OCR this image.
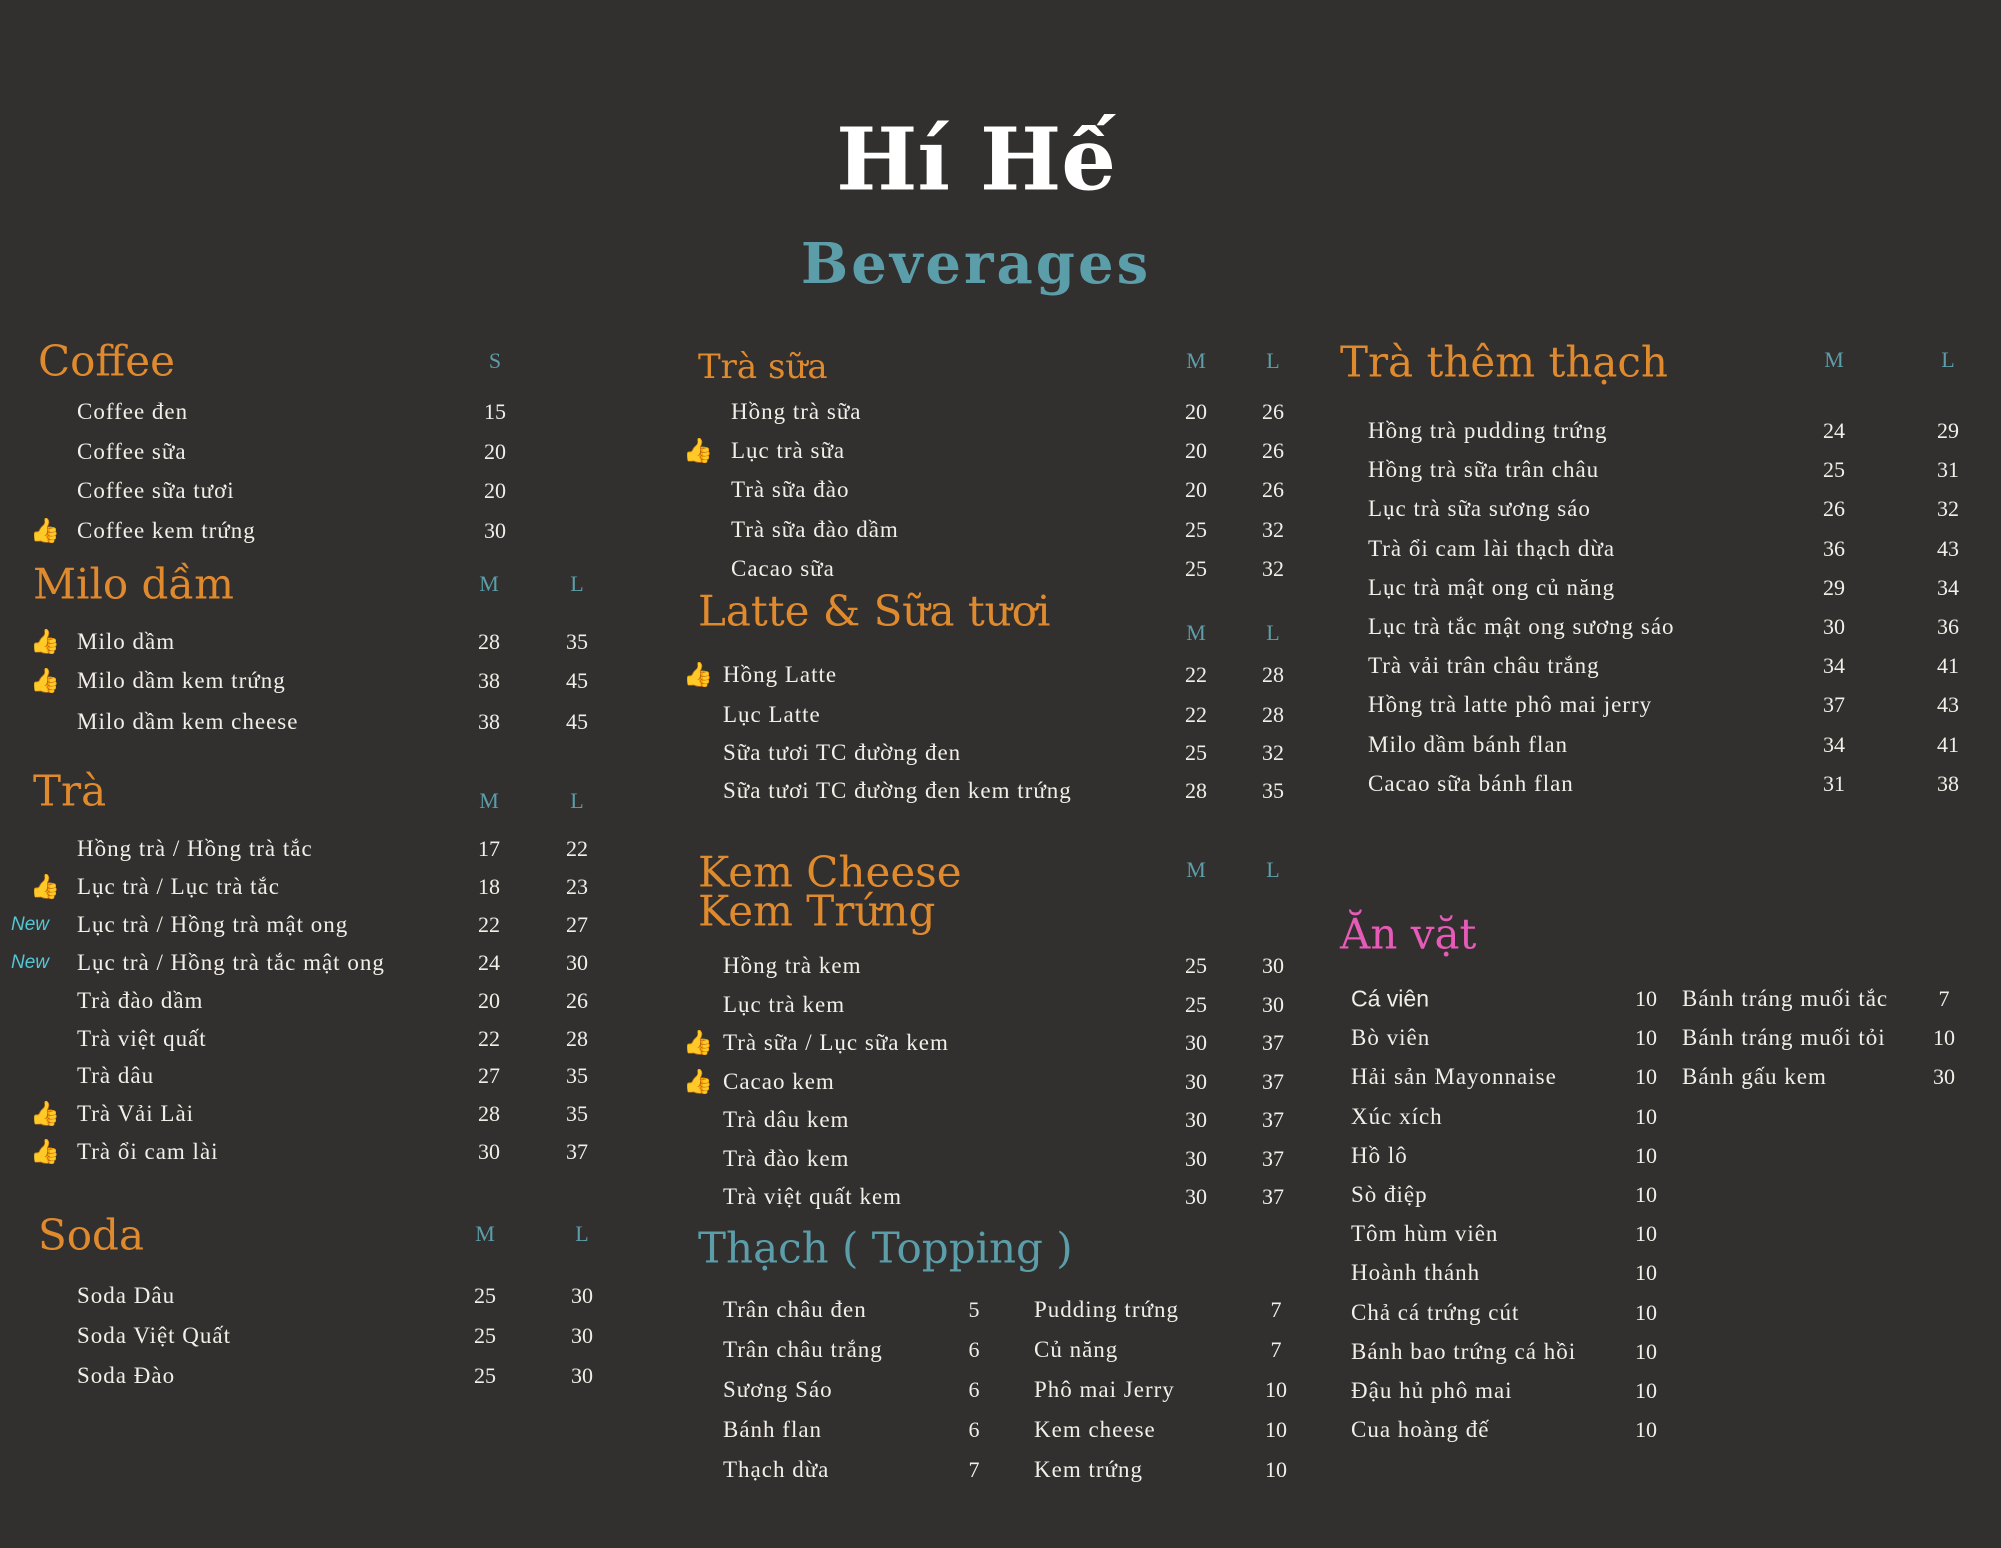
Hí Hế
Beverages
Coffee	S
Coffee đen	15
Coffee sữa	20
Coffee sữa tươi	20
👍 Coffee kem trứng	30
Milo dầm	M	L
👍 Milo dầm	28	35
👍 Milo dầm kem trứng	38	45
Milo dầm kem cheese	38	45
Trà	M	L
Hồng trà / Hồng trà tắc	17	22
👍 Lục trà / Lục trà tắc	18	23
New Lục trà / Hồng trà mật ong	22	27
New Lục trà / Hồng trà tắc mật ong	24	30
Trà đào dầm	20	26
Trà việt quất	22	28
Trà dâu	27	35
👍 Trà Vải Lài	28	35
👍 Trà ổi cam lài	30	37
Soda	M	L
Soda Dâu	25	30
Soda Việt Quất	25	30
Soda Đào	25	30
Trà sữa	M	L
Hồng trà sữa	20	26
👍 Lục trà sữa	20	26
Trà sữa đào	20	26
Trà sữa đào dầm	25	32
Cacao sữa	25	32
Latte & Sữa tươi	M	L
👍 Hồng Latte	22	28
Lục Latte	22	28
Sữa tươi TC đường đen	25	32
Sữa tươi TC đường đen kem trứng	28	35
Kem Cheese
Kem Trứng
M	L
Hồng trà kem	25	30
Lục trà kem	25	30
👍 Trà sữa / Lục sữa kem	30	37
👍 Cacao kem	30	37
Trà dâu kem	30	37
Trà đào kem	30	37
Trà việt quất kem	30	37
Trà thêm thạch	M	L
Hồng trà pudding trứng	24	29
Hồng trà sữa trân châu	25	31
Lục trà sữa sương sáo	26	32
Trà ổi cam lài thạch dừa	36	43
Lục trà mật ong củ năng	29	34
Lục trà tắc mật ong sương sáo	30	36
Trà vải trân châu trắng	34	41
Hồng trà latte phô mai jerry	37	43
Milo dầm bánh flan	34	41
Cacao sữa bánh flan	31	38
Thạch ( Topping )
Trân châu đen	5
Trân châu trắng	6
Sương Sáo	6
Bánh flan	6
Thạch dừa	7
Pudding trứng	7
Củ năng	7
Phô mai Jerry	10
Kem cheese	10
Kem trứng	10
Ăn vặt
Cá viên	10
Bò viên	10
Hải sản Mayonnaise	10
Xúc xích	10
Hồ lô	10
Sò điệp	10
Tôm hùm viên	10
Hoành thánh	10
Chả cá trứng cút	10
Bánh bao trứng cá hồi	10
Đậu hủ phô mai	10
Cua hoàng đế	10
Bánh tráng muối tắc	7
Bánh tráng muối tỏi	10
Bánh gấu kem	30
